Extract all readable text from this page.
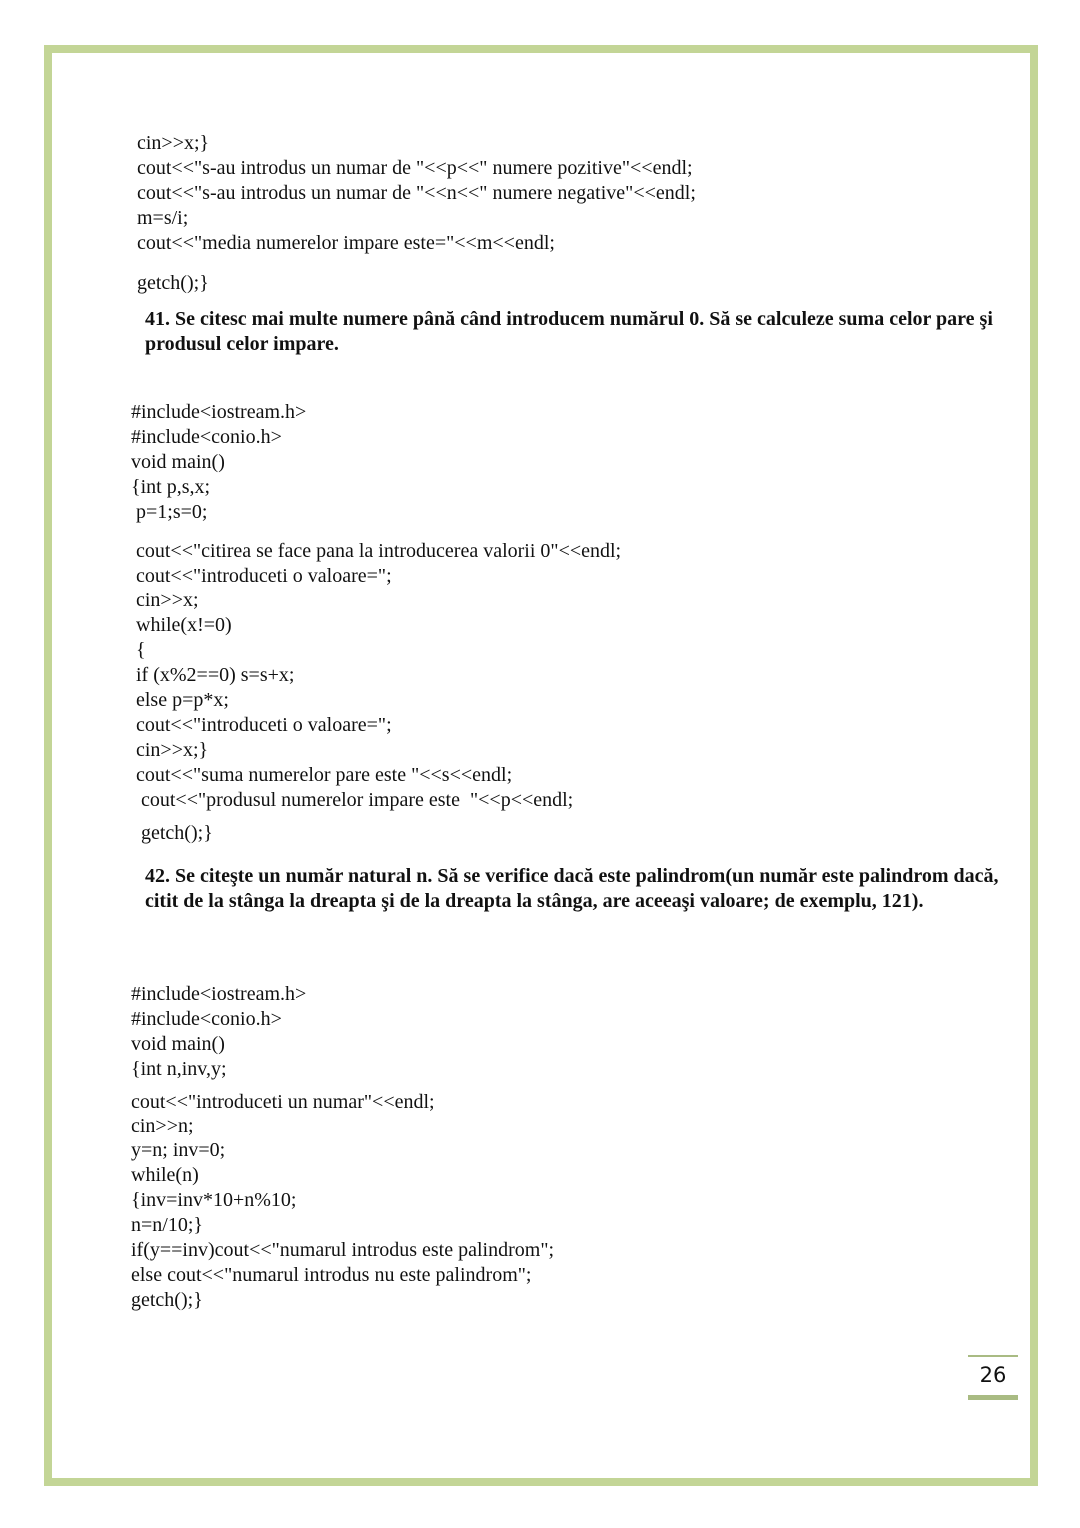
cin>>x;}
cout<<"s-au introdus un numar de "<<p<<" numere pozitive"<<endl;
cout<<"s-au introdus un numar de "<<n<<" numere negative"<<endl;
m=s/i;
cout<<"media numerelor impare este="<<m<<endl;
getch();}
41. Se citesc mai multe numere până când introducem numărul 0. Să se calculeze suma celor pare şi produsul celor impare.
#include<iostream.h>
#include<conio.h>
void main()
{int p,s,x;
p=1;s=0;
cout<<"citirea se face pana la introducerea valorii 0"<<endl;
cout<<"introduceti o valoare=";
cin>>x;
while(x!=0)
{
if (x%2==0) s=s+x;
else p=p*x;
cout<<"introduceti o valoare=";
cin>>x;}
cout<<"suma numerelor pare este "<<s<<endl;
cout<<"produsul numerelor impare este  "<<p<<endl;
getch();}
42. Se citeşte un număr natural n. Să se verifice dacă este palindrom(un număr este palindrom dacă, citit de la stânga la dreapta şi de la dreapta la stânga, are aceeaşi valoare; de exemplu, 121).
#include<iostream.h>
#include<conio.h>
void main()
{int n,inv,y;
cout<<"introduceti un numar"<<endl;
cin>>n;
y=n; inv=0;
while(n)
{inv=inv*10+n%10;
n=n/10;}
if(y==inv)cout<<"numarul introdus este palindrom";
else cout<<"numarul introdus nu este palindrom";
getch();}
26
